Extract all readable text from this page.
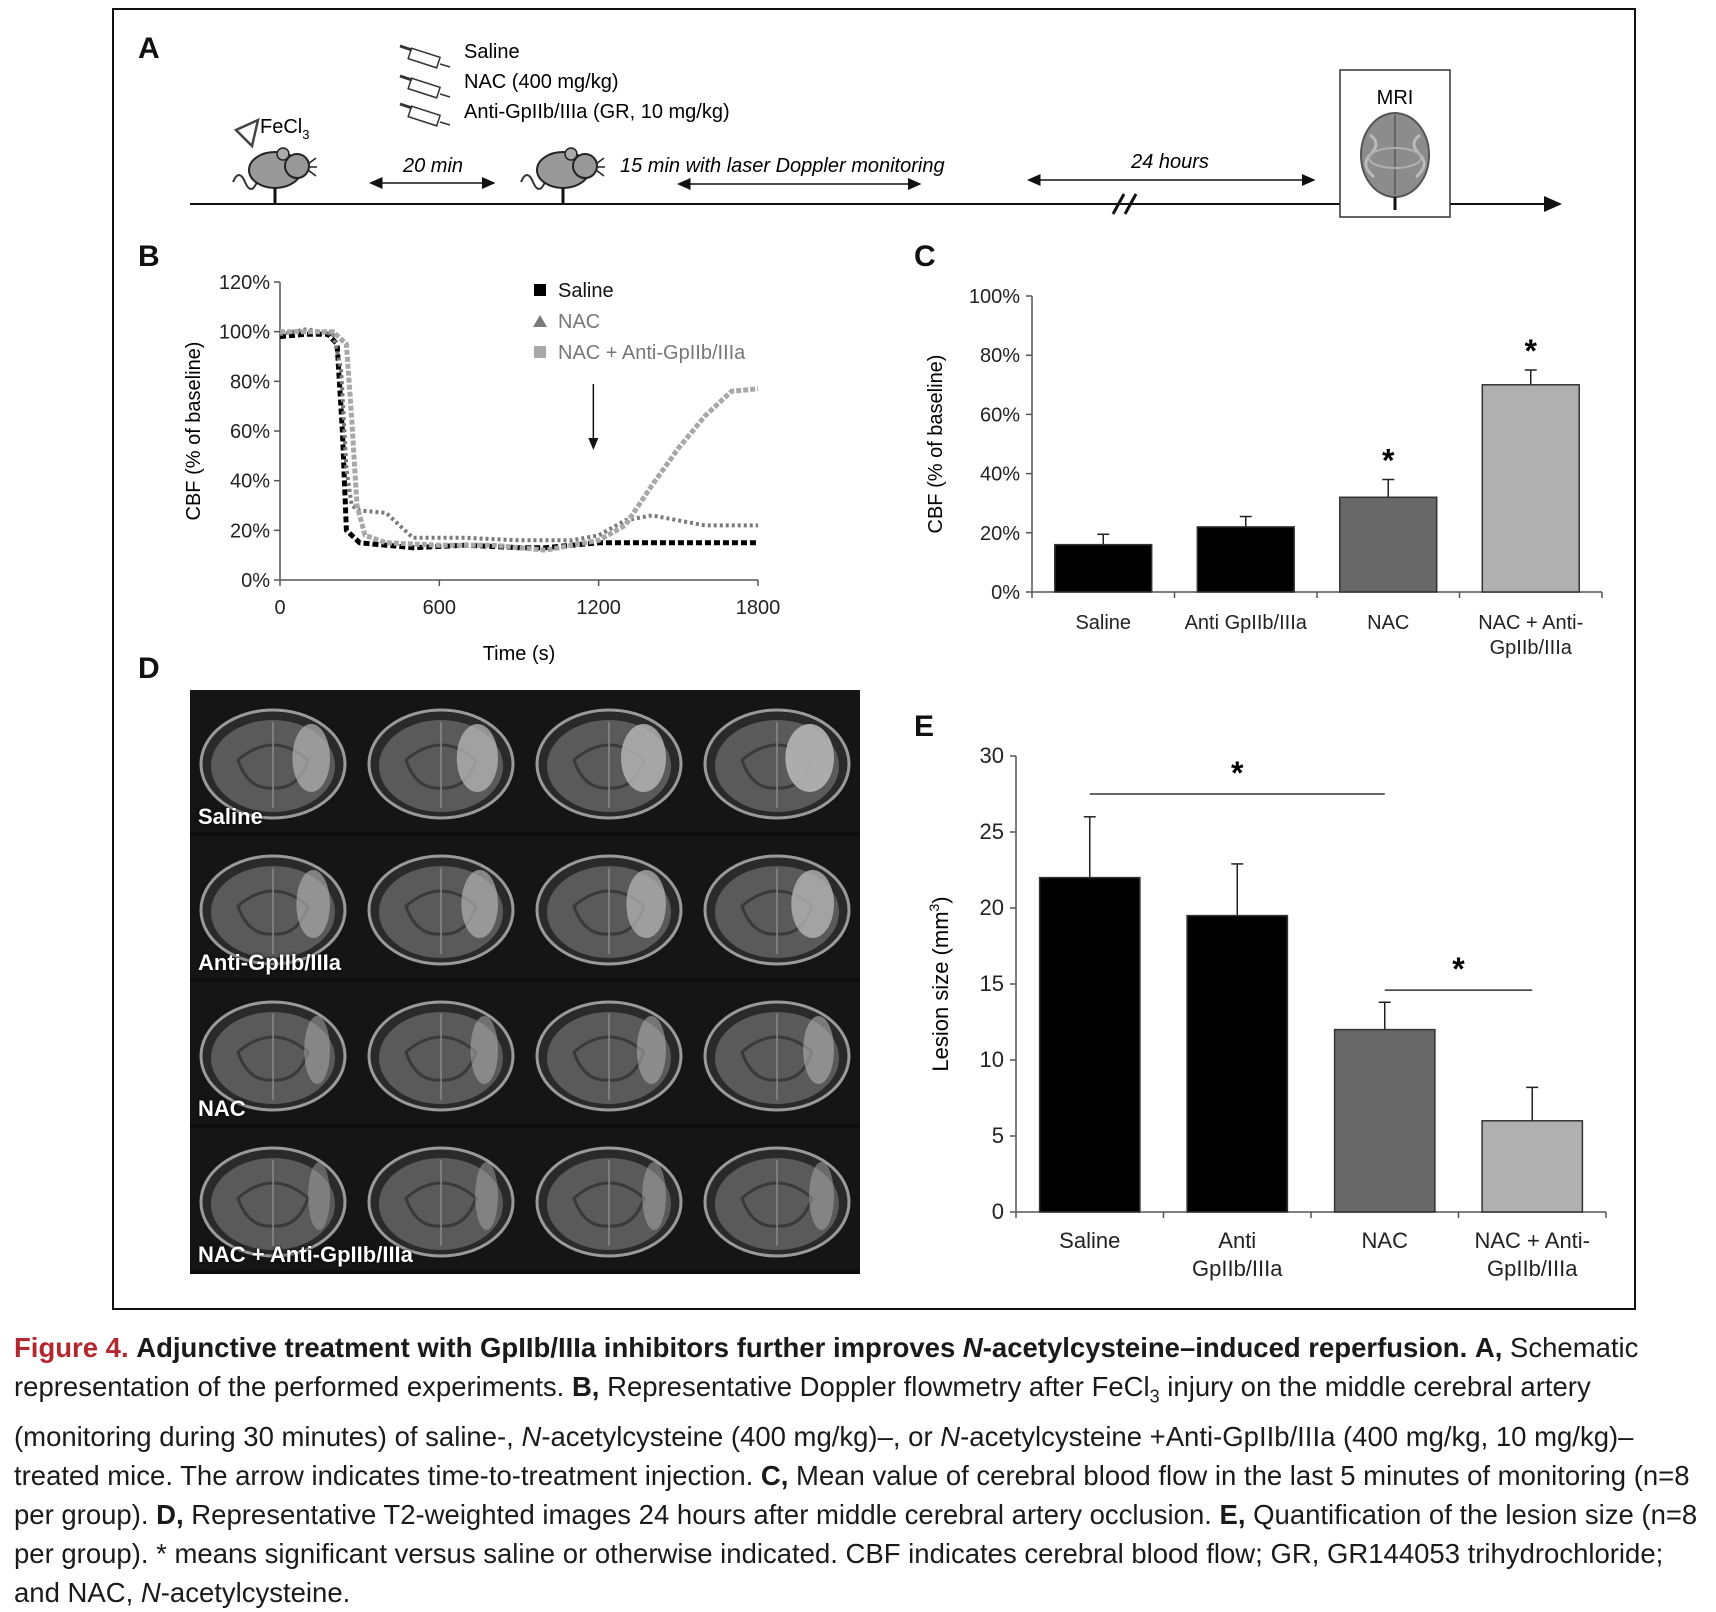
A
B	C
D
E
FeCl$_3$
20 min
Saline
NAC (400 mg/kg)
Anti-GpIIb/IIIa (GR, 10 mg/kg)
15 min with laser Doppler monitoring	24 hours
MRI
0%
20%
40%
60%
80%
100%
120%
0	600	1200	1800
Time (s)
CBF (% of baseline)
Saline
NAC
NAC + Anti-GpIIb/IIIa
0%
20%
40%
60%
80%
100%
Saline	Anti GpIIb/IIIa	NAC
*
NAC + Anti-
GpIIb/IIIa
*
CBF (% of baseline)
Saline
Anti-GpIIb/IIIa
NAC
NAC + Anti-GpIIb/IIIa
0
5
10
15
20
25
30
Saline	Anti
GpIIb/IIIa
NAC	NAC + Anti-
GpIIb/IIIa
Lesion size $(mm^3)$
*
*
Figure 4. Adjunctive treatment with GpIIb/IIIa inhibitors further improves N-acetylcysteine–induced reperfusion. A, Schematic representation of the performed experiments. B, Representative Doppler flowmetry after FeCl$_3$ injury on the middle cerebral artery (monitoring during 30 minutes) of saline-, N-acetylcysteine (400 mg/kg)–, or N-acetylcysteine +Anti-GpIIb/IIIa (400 mg/kg, 10 mg/kg)–treated mice. The arrow indicates time-to-treatment injection. C, Mean value of cerebral blood flow in the last 5 minutes of monitoring (n=8 per group). D, Representative T2-weighted images 24 hours after middle cerebral artery occlusion. E, Quantification of the lesion size (n=8 per group). * means significant versus saline or otherwise indicated. CBF indicates cerebral blood flow; GR, GR144053 trihydrochloride; and NAC, N-acetylcysteine.
